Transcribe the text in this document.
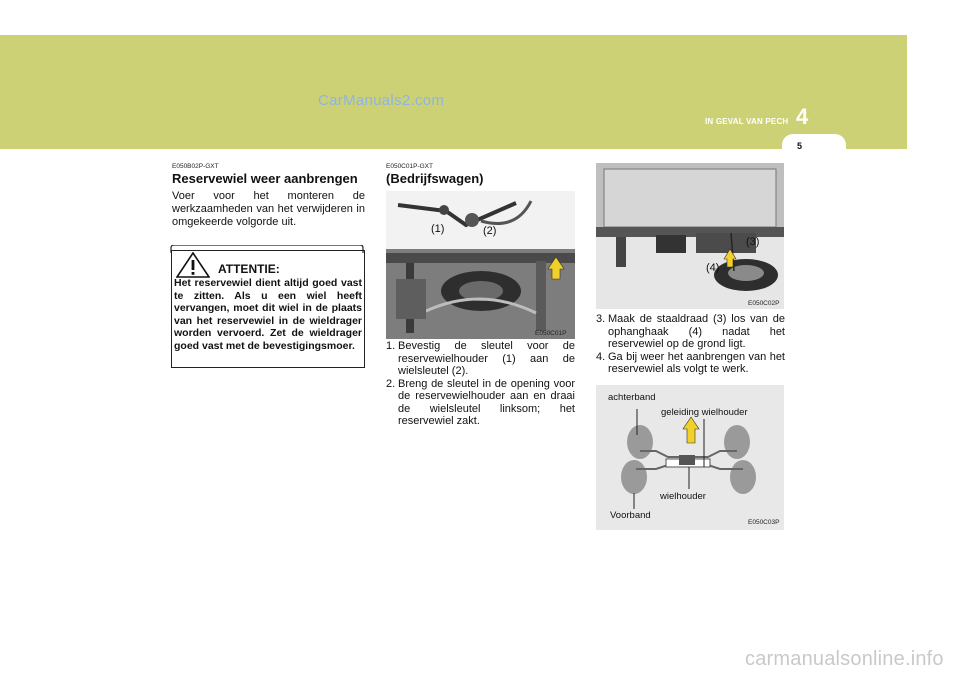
CarManuals2.com
IN GEVAL VAN PECH 4
5
E050B02P-GXT
Reservewiel weer aanbrengen
Voer voor het monteren de werkzaamheden van het verwijderen in omgekeerde volgorde uit.
ATTENTIE:
Het reservewiel dient altijd goed vast te zitten. Als u een wiel heeft vervangen, moet dit wiel in de plaats van het reservewiel in de wieldrager worden vervoerd. Zet de wieldrager goed vast met de bevestigingsmoer.
E050C01P-GXT
(Bedrijfswagen)
(1)	(2)
E050C01P
1. Bevestig de sleutel voor de reservewielhouder (1) aan de wielsleutel (2).
2. Breng de sleutel in de opening voor de reservewielhouder aan en draai de wielsleutel linksom; het reservewiel zakt.
(3)
(4)
E050C02P
3. Maak de staaldraad (3) los van de ophanghaak (4) nadat het reservewiel op de grond ligt.
4. Ga bij weer het aanbrengen van het reservewiel als volgt te werk.
achterband
geleiding wielhouder
wielhouder
Voorband
E050C03P
carmanualsonline.info
